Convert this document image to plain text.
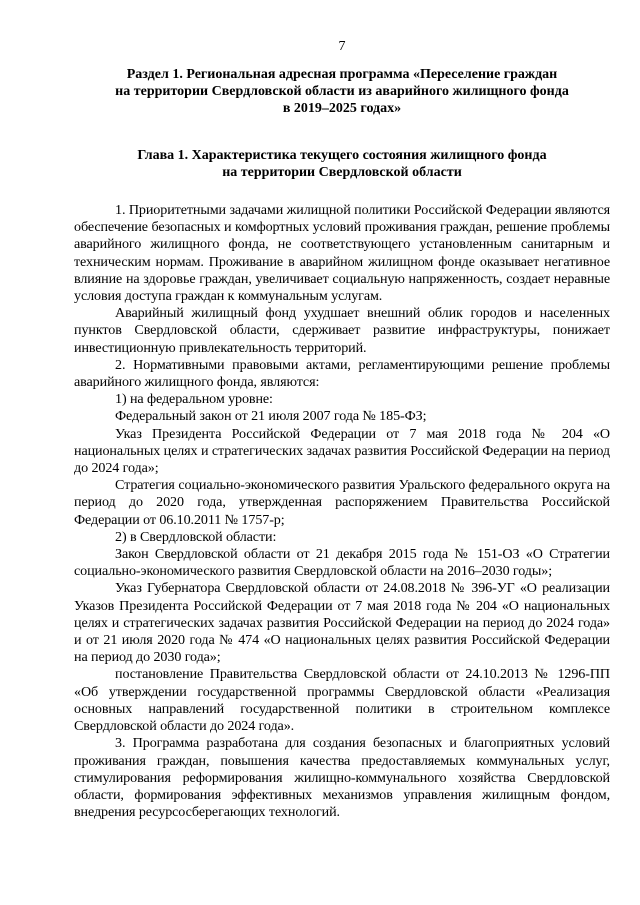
7
Раздел 1. Региональная адресная программа «Переселение граждан
на территории Свердловской области из аварийного жилищного фонда
в 2019–2025 годах»
Глава 1. Характеристика текущего состояния жилищного фонда
на территории Свердловской области

1. Приоритетными задачами жилищной политики Российской Федерации являются обеспечение безопасных и комфортных условий проживания граждан, решение проблемы аварийного жилищного фонда, не соответствующего установленным санитарным и техническим нормам. Проживание в аварийном жилищном фонде оказывает негативное влияние на здоровье граждан, увеличивает социальную напряженность, создает неравные условия доступа граждан к коммунальным услугам.

Аварийный жилищный фонд ухудшает внешний облик городов и населенных пунктов Свердловской области, сдерживает развитие инфраструктуры, понижает инвестиционную привлекательность территорий.

2. Нормативными правовыми актами, регламентирующими решение проблемы аварийного жилищного фонда, являются:

1) на федеральном уровне:

Федеральный закон от 21 июля 2007 года № 185-ФЗ;

Указ Президента Российской Федерации от 7 мая 2018 года № 204 «О национальных целях и стратегических задачах развития Российской Федерации на период до 2024 года»;

Стратегия социально-экономического развития Уральского федерального округа на период до 2020 года, утвержденная распоряжением Правительства Российской Федерации от 06.10.2011 № 1757-р;

2) в Свердловской области:

Закон Свердловской области от 21 декабря 2015 года № 151-ОЗ «О Стратегии социально-экономического развития Свердловской области на 2016–2030 годы»;

Указ Губернатора Свердловской области от 24.08.2018 № 396-УГ «О реализации Указов Президента Российской Федерации от 7 мая 2018 года № 204 «О национальных целях и стратегических задачах развития Российской Федерации на период до 2024 года» и от 21 июля 2020 года № 474 «О национальных целях развития Российской Федерации на период до 2030 года»;

постановление Правительства Свердловской области от 24.10.2013 № 1296-ПП «Об утверждении государственной программы Свердловской области «Реализация основных направлений государственной политики в строительном комплексе Свердловской области до 2024 года».

3. Программа разработана для создания безопасных и благоприятных условий проживания граждан, повышения качества предоставляемых коммунальных услуг, стимулирования реформирования жилищно-коммунального хозяйства Свердловской области, формирования эффективных механизмов управления жилищным фондом, внедрения ресурсосберегающих технологий.
